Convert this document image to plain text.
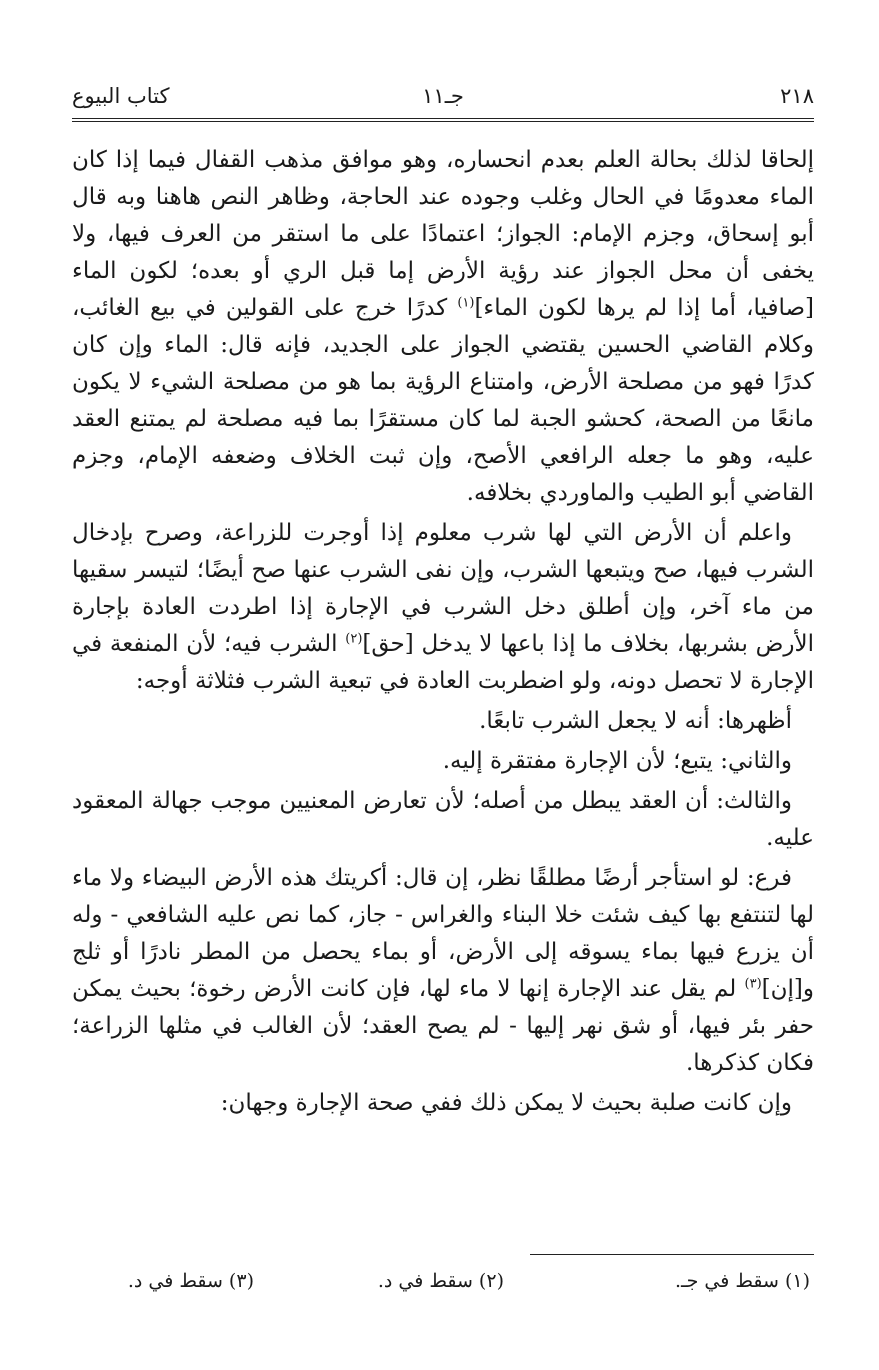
٢١٨
جـ١١
كتاب البيوع

إلحاقا لذلك بحالة العلم بعدم انحساره، وهو موافق مذهب القفال فيما إذا كان الماء معدومًا في الحال وغلب وجوده عند الحاجة، وظاهر النص هاهنا وبه قال أبو إسحاق، وجزم الإمام: الجواز؛ اعتمادًا على ما استقر من العرف فيها، ولا يخفى أن محل الجواز عند رؤية الأرض إما قبل الري أو بعده؛ لكون الماء [صافيا، أما إذا لم يرها لكون الماء]$^{(١)}$ كدرًا خرج على القولين في بيع الغائب، وكلام القاضي الحسين يقتضي الجواز على الجديد، فإنه قال: الماء وإن كان كدرًا فهو من مصلحة الأرض، وامتناع الرؤية بما هو من مصلحة الشيء لا يكون مانعًا من الصحة، كحشو الجبة لما كان مستقرًا بما فيه مصلحة لم يمتنع العقد عليه، وهو ما جعله الرافعي الأصح، وإن ثبت الخلاف وضعفه الإمام، وجزم القاضي أبو الطيب والماوردي بخلافه.

واعلم أن الأرض التي لها شرب معلوم إذا أوجرت للزراعة، وصرح بإدخال الشرب فيها، صح ويتبعها الشرب، وإن نفى الشرب عنها صح أيضًا؛ لتيسر سقيها من ماء آخر، وإن أطلق دخل الشرب في الإجارة إذا اطردت العادة بإجارة الأرض بشربها، بخلاف ما إذا باعها لا يدخل [حق]$^{(٢)}$ الشرب فيه؛ لأن المنفعة في الإجارة لا تحصل دونه، ولو اضطربت العادة في تبعية الشرب فثلاثة أوجه:

أظهرها: أنه لا يجعل الشرب تابعًا.

والثاني: يتبع؛ لأن الإجارة مفتقرة إليه.

والثالث: أن العقد يبطل من أصله؛ لأن تعارض المعنيين موجب جهالة المعقود عليه.

فرع: لو استأجر أرضًا مطلقًا نظر، إن قال: أكريتك هذه الأرض البيضاء ولا ماء لها لتنتفع بها كيف شئت خلا البناء والغراس - جاز، كما نص عليه الشافعي - وله أن يزرع فيها بماء يسوقه إلى الأرض، أو بماء يحصل من المطر نادرًا أو ثلج و[إن]$^{(٣)}$ لم يقل عند الإجارة إنها لا ماء لها، فإن كانت الأرض رخوة؛ بحيث يمكن حفر بئر فيها، أو شق نهر إليها - لم يصح العقد؛ لأن الغالب في مثلها الزراعة؛ فكان كذكرها.

وإن كانت صلبة بحيث لا يمكن ذلك ففي صحة الإجارة وجهان:

(١) سقط في جـ.
(٢) سقط في د.
(٣) سقط في د.
